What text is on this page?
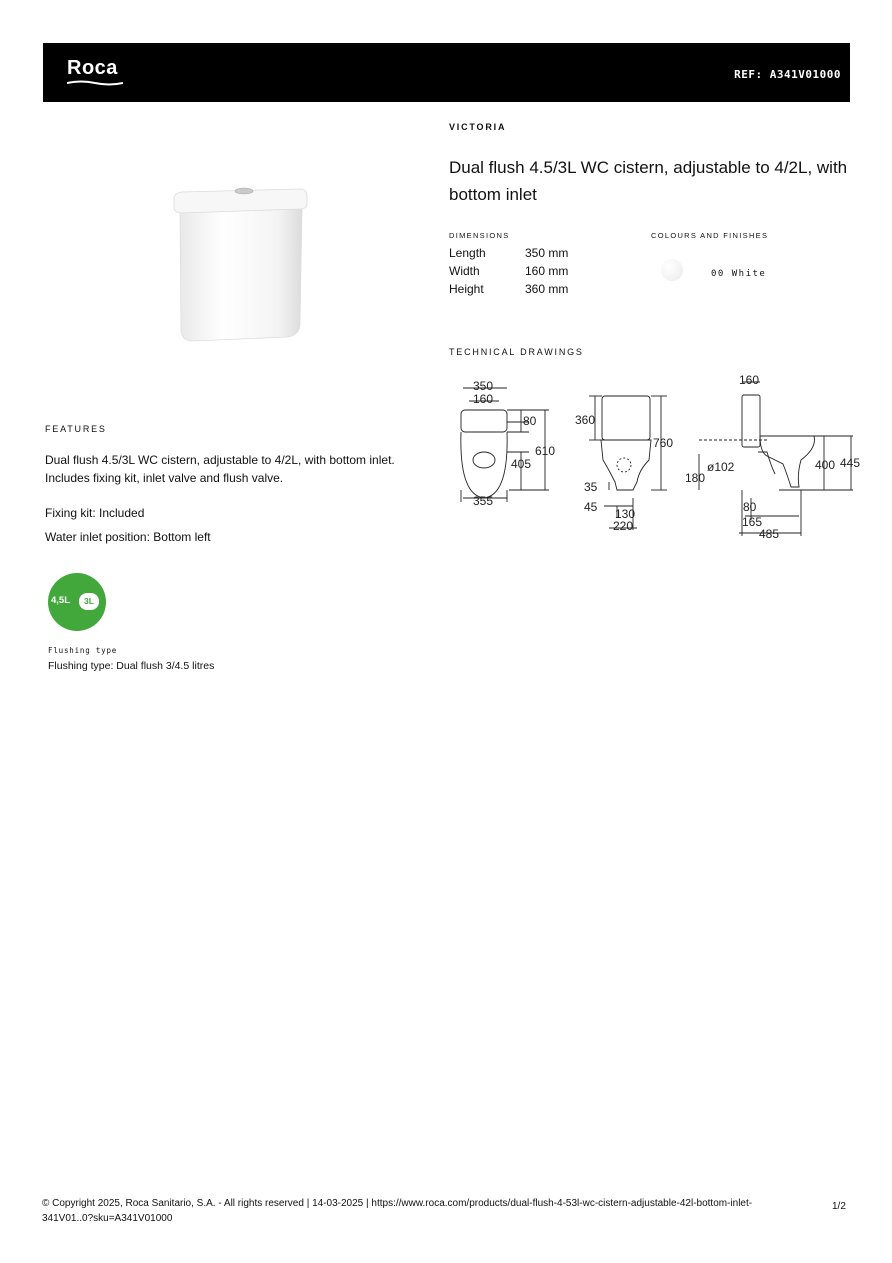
Roca	REF: A341V01000
VICTORIA
Dual flush 4.5/3L WC cistern, adjustable to 4/2L, with bottom inlet
DIMENSIONS	COLOURS AND FINISHES
Length	350 mm
Width	160 mm
Height	360 mm
00 White
TECHNICAL DRAWINGS
350
160
80
610
405
355
360
760
35
45 130
220
160
ø102
180
400 445
80
165
485
FEATURES
Dual flush 4.5/3L WC cistern, adjustable to 4/2L, with bottom inlet. Includes fixing kit, inlet valve and flush valve.
Fixing kit: Included
Water inlet position: Bottom left
4,5L	3L
Flushing type
Flushing type: Dual flush 3/4.5 litres
© Copyright 2025, Roca Sanitario, S.A. - All rights reserved | 14-03-2025 | https://www.roca.com/products/dual-flush-4-53l-wc-cistern-adjustable-42l-bottom-inlet-341V01..0?sku=A341V01000
1/2
